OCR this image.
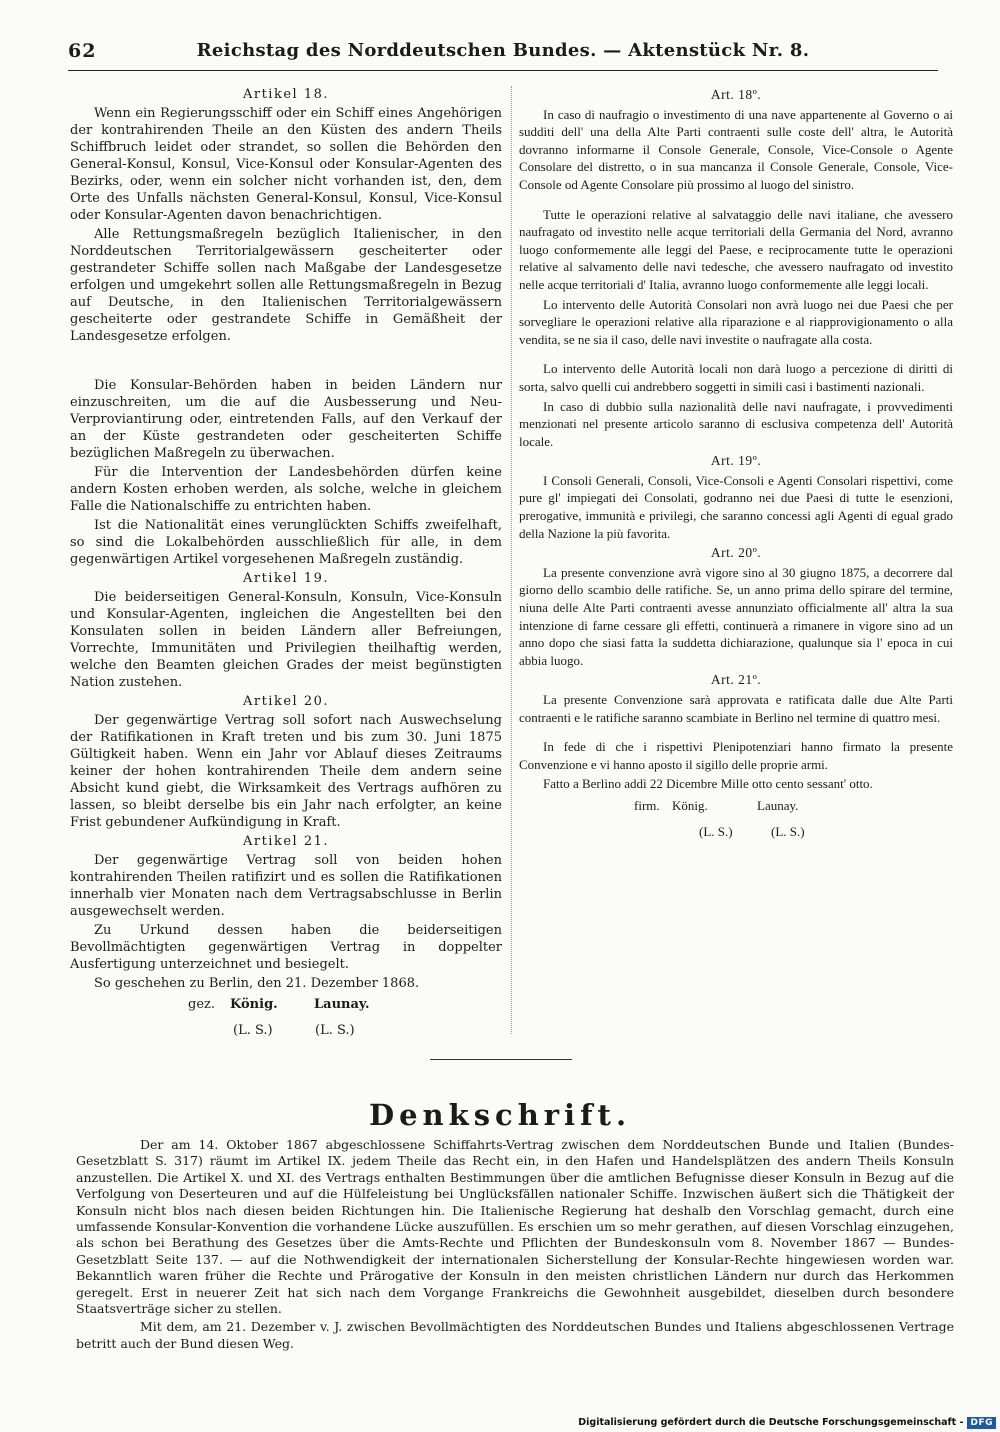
62	Reichstag des Norddeutschen Bundes. — Aktenstück Nr. 8.
Artikel 18.

Wenn ein Regierungsschiff oder ein Schiff eines Angehörigen der kontrahirenden Theile an den Küsten des andern Theils Schiffbruch leidet oder strandet, so sollen die Behörden den General-Konsul, Konsul, Vice-Konsul oder Konsular-Agenten des Bezirks, oder, wenn ein solcher nicht vorhanden ist, den, dem Orte des Unfalls nächsten General-Konsul, Konsul, Vice-Konsul oder Konsular-Agenten davon benachrichtigen.

Alle Rettungsmaßregeln bezüglich Italienischer, in den Norddeutschen Territorialgewässern gescheiterter oder gestrandeter Schiffe sollen nach Maßgabe der Landesgesetze erfolgen und umgekehrt sollen alle Rettungsmaßregeln in Bezug auf Deutsche, in den Italienischen Territorialgewässern gescheiterte oder gestrandete Schiffe in Gemäßheit der Landesgesetze erfolgen.

Die Konsular-Behörden haben in beiden Ländern nur einzuschreiten, um die auf die Ausbesserung und Neu-Verproviantirung oder, eintretenden Falls, auf den Verkauf der an der Küste gestrandeten oder gescheiterten Schiffe bezüglichen Maßregeln zu überwachen.

Für die Intervention der Landesbehörden dürfen keine andern Kosten erhoben werden, als solche, welche in gleichem Falle die Nationalschiffe zu entrichten haben.

Ist die Nationalität eines verunglückten Schiffs zweifelhaft, so sind die Lokalbehörden ausschließlich für alle, in dem gegenwärtigen Artikel vorgesehenen Maßregeln zuständig.

Artikel 19.

Die beiderseitigen General-Konsuln, Konsuln, Vice-Konsuln und Konsular-Agenten, ingleichen die Angestellten bei den Konsulaten sollen in beiden Ländern aller Befreiungen, Vorrechte, Immunitäten und Privilegien theilhaftig werden, welche den Beamten gleichen Grades der meist begünstigten Nation zustehen.

Artikel 20.

Der gegenwärtige Vertrag soll sofort nach Auswechselung der Ratifikationen in Kraft treten und bis zum 30. Juni 1875 Gültigkeit haben. Wenn ein Jahr vor Ablauf dieses Zeitraums keiner der hohen kontrahirenden Theile dem andern seine Absicht kund giebt, die Wirksamkeit des Vertrags aufhören zu lassen, so bleibt derselbe bis ein Jahr nach erfolgter, an keine Frist gebundener Aufkündigung in Kraft.

Artikel 21.

Der gegenwärtige Vertrag soll von beiden hohen kontrahirenden Theilen ratifizirt und es sollen die Ratifikationen innerhalb vier Monaten nach dem Vertragsabschlusse in Berlin ausgewechselt werden.

Zu Urkund dessen haben die beiderseitigen Bevollmächtigten gegenwärtigen Vertrag in doppelter Ausfertigung unterzeichnet und besiegelt.

So geschehen zu Berlin, den 21. Dezember 1868.

gez. König.	Launay.
(L. S.)	(L. S.)
Art. 18º.

In caso di naufragio o investimento di una nave appartenente al Governo o ai sudditi dell' una della Alte Parti contraenti sulle coste dell' altra, le Autorità dovranno informarne il Console Generale, Console, Vice-Console o Agente Consolare del distretto, o in sua mancanza il Console Generale, Console, Vice-Console od Agente Consolare più prossimo al luogo del sinistro.

Tutte le operazioni relative al salvataggio delle navi italiane, che avessero naufragato od investito nelle acque territoriali della Germania del Nord, avranno luogo conformemente alle leggi del Paese, e reciprocamente tutte le operazioni relative al salvamento delle navi tedesche, che avessero naufragato od investito nelle acque territoriali d' Italia, avranno luogo conformemente alle leggi locali.

Lo intervento delle Autorità Consolari non avrà luogo nei due Paesi che per sorvegliare le operazioni relative alla riparazione e al riapprovigionamento o alla vendita, se ne sia il caso, delle navi investite o naufragate alla costa.

Lo intervento delle Autorità locali non darà luogo a percezione di diritti di sorta, salvo quelli cui andrebbero soggetti in simili casi i bastimenti nazionali.

In caso di dubbio sulla nazionalità delle navi naufragate, i provvedimenti menzionati nel presente articolo saranno di esclusiva competenza dell' Autorità locale.

Art. 19º.

I Consoli Generali, Consoli, Vice-Consoli e Agenti Consolari rispettivi, come pure gl' impiegati dei Consolati, godranno nei due Paesi di tutte le esenzioni, prerogative, immunità e privilegi, che saranno concessi agli Agenti di egual grado della Nazione la più favorita.

Art. 20º.

La presente convenzione avrà vigore sino al 30 giugno 1875, a decorrere dal giorno dello scambio delle ratifiche. Se, un anno prima dello spirare del termine, niuna delle Alte Parti contraenti avesse annunziato officialmente all' altra la sua intenzione di farne cessare gli effetti, continuerà a rimanere in vigore sino ad un anno dopo che siasi fatta la suddetta dichiarazione, qualunque sia l' epoca in cui abbia luogo.

Art. 21º.

La presente Convenzione sarà approvata e ratificata dalle due Alte Parti contraenti e le ratifiche saranno scambiate in Berlino nel termine di quattro mesi.

In fede di che i rispettivi Plenipotenziari hanno firmato la presente Convenzione e vi hanno aposto il sigillo delle proprie armi.

Fatto a Berlino addì 22 Dicembre Mille otto cento sessant' otto.

firm. König.	Launay.
(L. S.)	(L. S.)
Denkschrift.

Der am 14. Oktober 1867 abgeschlossene Schiffahrts-Vertrag zwischen dem Norddeutschen Bunde und Italien (Bundes-Gesetzblatt S. 317) räumt im Artikel IX. jedem Theile das Recht ein, in den Hafen und Handelsplätzen des andern Theils Konsuln anzustellen. Die Artikel X. und XI. des Vertrags enthalten Bestimmungen über die amtlichen Befugnisse dieser Konsuln in Bezug auf die Verfolgung von Deserteuren und auf die Hülfeleistung bei Unglücksfällen nationaler Schiffe. Inzwischen äußert sich die Thätigkeit der Konsuln nicht blos nach diesen beiden Richtungen hin. Die Italienische Regierung hat deshalb den Vorschlag gemacht, durch eine umfassende Konsular-Konvention die vorhandene Lücke auszufüllen. Es erschien um so mehr gerathen, auf diesen Vorschlag einzugehen, als schon bei Berathung des Gesetzes über die Amts-Rechte und Pflichten der Bundeskonsuln vom 8. November 1867 — Bundes-Gesetzblatt Seite 137. — auf die Nothwendigkeit der internationalen Sicherstellung der Konsular-Rechte hingewiesen worden war. Bekanntlich waren früher die Rechte und Prärogative der Konsuln in den meisten christlichen Ländern nur durch das Herkommen geregelt. Erst in neuerer Zeit hat sich nach dem Vorgange Frankreichs die Gewohnheit ausgebildet, dieselben durch besondere Staatsverträge sicher zu stellen.

Mit dem, am 21. Dezember v. J. zwischen Bevollmächtigten des Norddeutschen Bundes und Italiens abgeschlossenen Vertrage betritt auch der Bund diesen Weg.

Digitalisierung gefördert durch die Deutsche Forschungsgemeinschaft - DFG
